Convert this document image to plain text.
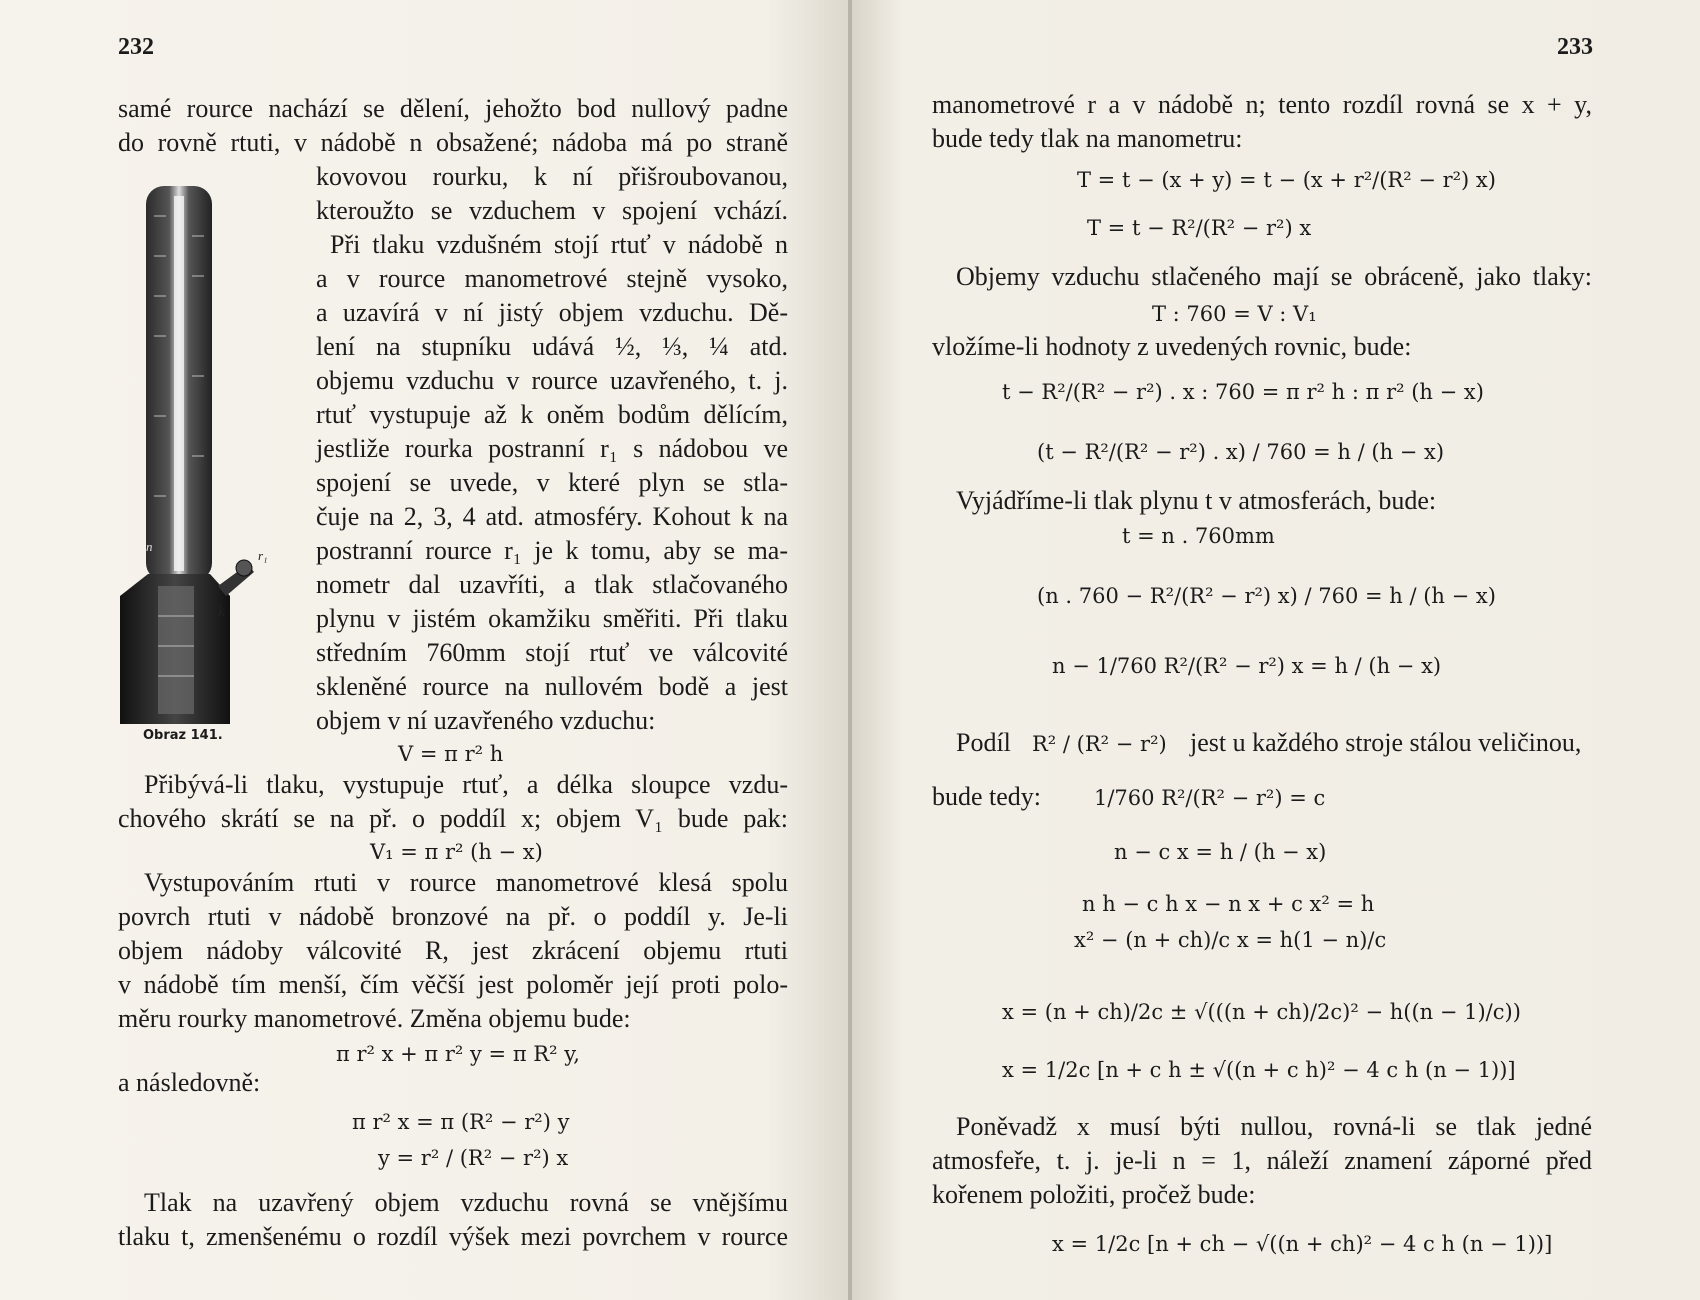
232
samé rource nachází se dělení, jehožto bod nullový padne
do rovně rtuti, v nádobě n obsažené; nádoba má po straně
kovovou rourku, k ní přišroubovanou,
kteroužto se vzduchem v spojení vchází.
Při tlaku vzdušném stojí rtuť v nádobě n
a v rource manometrové stejně vysoko,
a uzavírá v ní jistý objem vzduchu. Dě-
lení na stupníku udává ½, ⅓, ¼ atd.
objemu vzduchu v rource uzavřeného, t. j.
rtuť vystupuje až k oněm bodům dělícím,
jestliže rourka postranní r₁ s nádobou ve
spojení se uvede, v které plyn se stla-
čuje na 2, 3, 4 atd. atmosféry. Kohout k na
postranní rource r₁ je k tomu, aby se ma-
nometr dal uzavříti, a tlak stlačovaného
plynu v jistém okamžiku směřiti. Při tlaku
středním 760mm stojí rtuť ve válcovité
skleněné rource na nullovém bodě a jest
objem v ní uzavřeného vzduchu:
V = π r² h
Přibývá-li tlaku, vystupuje rtuť, a délka sloupce vzdu-
chového skrátí se na př. o poddíl x; objem V₁ bude pak:
V₁ = π r² (h − x)
Vystupováním rtuti v rource manometrové klesá spolu
povrch rtuti v nádobě bronzové na př. o poddíl y. Je-li
objem nádoby válcovité R, jest zkrácení objemu rtuti
v nádobě tím menší, čím věčší jest poloměr její proti polo-
měru rourky manometrové. Změna objemu bude:
π r² x + π r² y = π R² y,
a následovně:
π r² x = π (R² − r²) y
y = r² / (R² − r²) x
Tlak na uzavřený objem vzduchu rovná se vnějšímu
tlaku t, zmenšenému o rozdíl výšek mezi povrchem v rource
n
r₁
k
Obraz 141.
233
manometrové r a v nádobě n; tento rozdíl rovná se x + y,
bude tedy tlak na manometru:
T = t − (x + y) = t − (x + r²/(R² − r²) x)
T = t − R²/(R² − r²) x
Objemy vzduchu stlačeného mají se obráceně, jako tlaky:
T : 760 = V : V₁
vložíme-li hodnoty z uvedených rovnic, bude:
t − R²/(R² − r²) . x : 760 = π r² h : π r² (h − x)
(t − R²/(R² − r²) . x) / 760 = h / (h − x)
Vyjádříme-li tlak plynu t v atmosferách, bude:
t = n . 760mm
(n . 760 − R²/(R² − r²) x) / 760 = h / (h − x)
n − 1/760 R²/(R² − r²) x = h / (h − x)
Podíl R² / (R² − r²) jest u každého stroje stálou veličinou,
bude tedy:	1/760 R²/(R² − r²) = c
n − c x = h / (h − x)
n h − c h x − n x + c x² = h
x² − (n + ch)/c x = h(1 − n)/c
x = (n + ch)/2c ± √(((n + ch)/2c)² − h((n − 1)/c))
x = 1/2c [n + c h ± √((n + c h)² − 4 c h (n − 1))]
Poněvadž x musí býti nullou, rovná-li se tlak jedné
atmosfeře, t. j. je-li n = 1, náleží znamení záporné před
kořenem položiti, pročež bude:
x = 1/2c [n + ch − √((n + ch)² − 4 c h (n − 1))]
